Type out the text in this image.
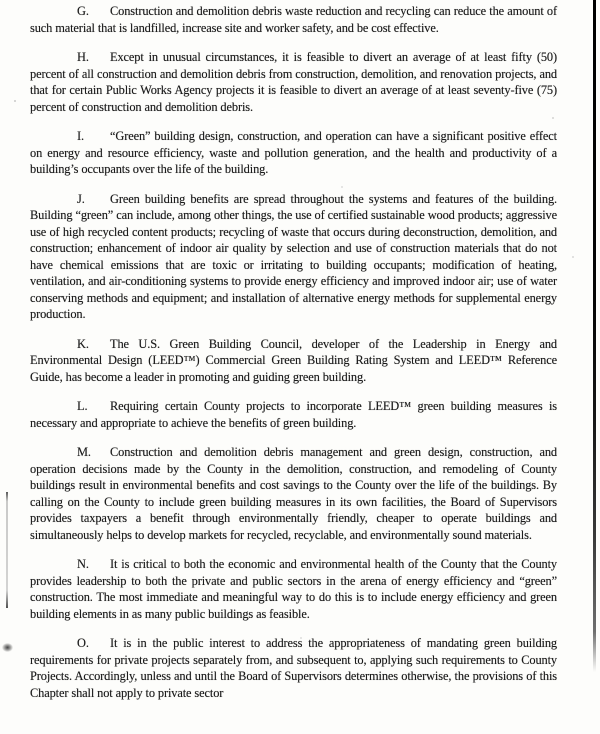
G. Construction and demolition debris waste reduction and recycling can reduce the amount of such material that is landfilled, increase site and worker safety, and be cost effective.

H. Except in unusual circumstances, it is feasible to divert an average of at least fifty (50) percent of all construction and demolition debris from construction, demolition, and renovation projects, and that for certain Public Works Agency projects it is feasible to divert an average of at least seventy-five (75) percent of construction and demolition debris.

I. “Green” building design, construction, and operation can have a significant positive effect on energy and resource efficiency, waste and pollution generation, and the health and productivity of a building’s occupants over the life of the building.

J. Green building benefits are spread throughout the systems and features of the building. Building “green” can include, among other things, the use of certified sustainable wood products; aggressive use of high recycled content products; recycling of waste that occurs during deconstruction, demolition, and construction; enhancement of indoor air quality by selection and use of construction materials that do not have chemical emissions that are toxic or irritating to building occupants; modification of heating, ventilation, and air-conditioning systems to provide energy efficiency and improved indoor air; use of water conserving methods and equipment; and installation of alternative energy methods for supplemental energy production.

K. The U.S. Green Building Council, developer of the Leadership in Energy and Environmental Design (LEED™) Commercial Green Building Rating System and LEED™ Reference Guide, has become a leader in promoting and guiding green building.

L. Requiring certain County projects to incorporate LEED™ green building measures is necessary and appropriate to achieve the benefits of green building.

M. Construction and demolition debris management and green design, construction, and operation decisions made by the County in the demolition, construction, and remodeling of County buildings result in environmental benefits and cost savings to the County over the life of the buildings. By calling on the County to include green building measures in its own facilities, the Board of Supervisors provides taxpayers a benefit through environmentally friendly, cheaper to operate buildings and simultaneously helps to develop markets for recycled, recyclable, and environmentally sound materials.

N. It is critical to both the economic and environmental health of the County that the County provides leadership to both the private and public sectors in the arena of energy efficiency and “green” construction. The most immediate and meaningful way to do this is to include energy efficiency and green building elements in as many public buildings as feasible.

O. It is in the public interest to address the appropriateness of mandating green building requirements for private projects separately from, and subsequent to, applying such requirements to County Projects. Accordingly, unless and until the Board of Supervisors determines otherwise, the provisions of this Chapter shall not apply to private sector
